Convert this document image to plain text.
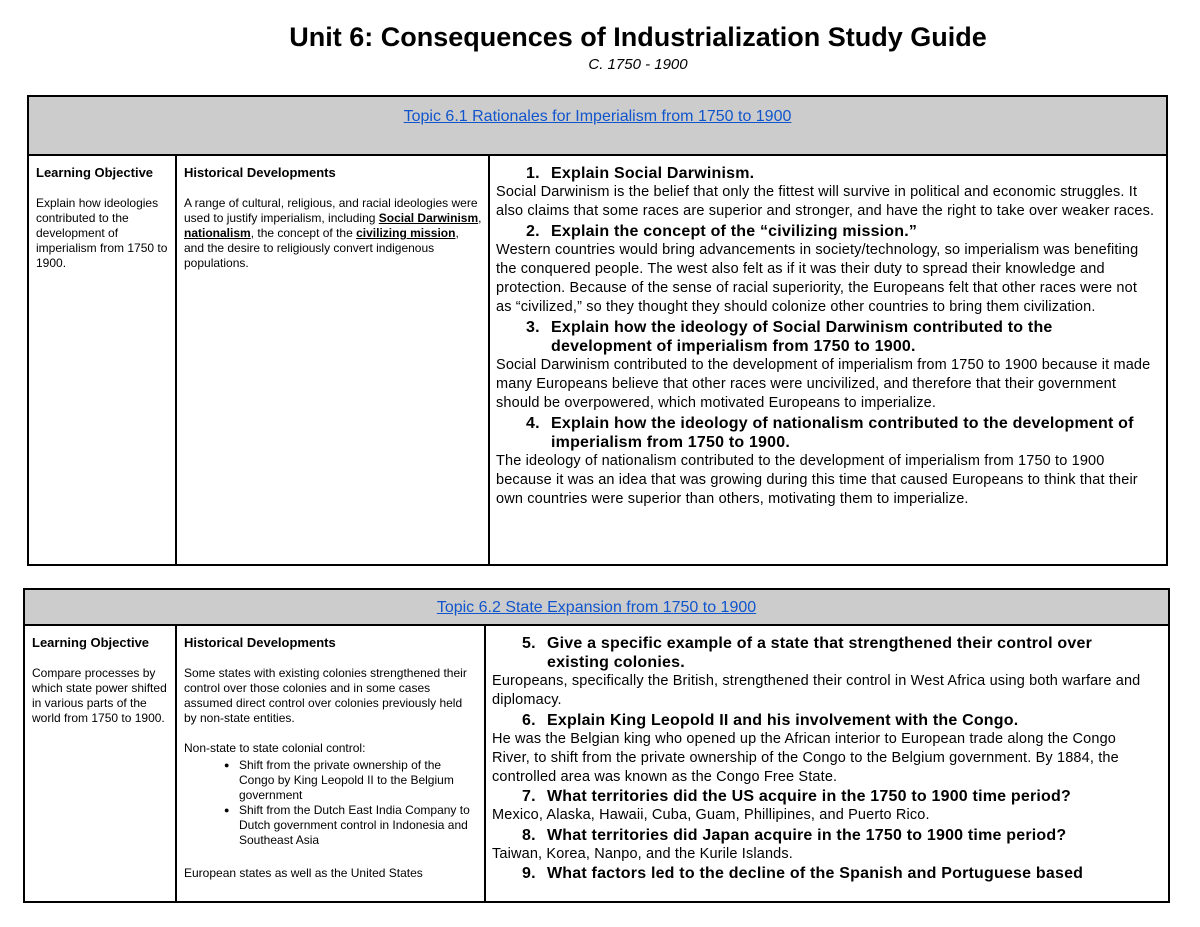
Unit 6: Consequences of Industrialization Study Guide
C. 1750 - 1900
Topic 6.1 Rationales for Imperialism from 1750 to 1900
Learning Objective
Explain how ideologies contributed to the development of imperialism from 1750 to 1900.
Historical Developments
A range of cultural, religious, and racial ideologies were used to justify imperialism, including Social Darwinism, nationalism, the concept of the civilizing mission, and the desire to religiously convert indigenous populations.
1. Explain Social Darwinism.
Social Darwinism is the belief that only the fittest will survive in political and economic struggles. It also claims that some races are superior and stronger, and have the right to take over weaker races.
2. Explain the concept of the “civilizing mission.”
Western countries would bring advancements in society/technology, so imperialism was benefiting the conquered people. The west also felt as if it was their duty to spread their knowledge and protection. Because of the sense of racial superiority, the Europeans felt that other races were not as “civilized,” so they thought they should colonize other countries to bring them civilization.
3. Explain how the ideology of Social Darwinism contributed to the development of imperialism from 1750 to 1900.
Social Darwinism contributed to the development of imperialism from 1750 to 1900 because it made many Europeans believe that other races were uncivilized, and therefore that their government should be overpowered, which motivated Europeans to imperialize.
4. Explain how the ideology of nationalism contributed to the development of imperialism from 1750 to 1900.
The ideology of nationalism contributed to the development of imperialism from 1750 to 1900 because it was an idea that was growing during this time that caused Europeans to think that their own countries were superior than others, motivating them to imperialize.
Topic 6.2 State Expansion from 1750 to 1900
Learning Objective
Compare processes by which state power shifted in various parts of the world from 1750 to 1900.
Historical Developments
Some states with existing colonies strengthened their control over those colonies and in some cases assumed direct control over colonies previously held by non-state entities.
Non-state to state colonial control:
● Shift from the private ownership of the Congo by King Leopold II to the Belgium government
● Shift from the Dutch East India Company to Dutch government control in Indonesia and Southeast Asia
European states as well as the United States
5. Give a specific example of a state that strengthened their control over existing colonies.
Europeans, specifically the British, strengthened their control in West Africa using both warfare and diplomacy.
6. Explain King Leopold II and his involvement with the Congo.
He was the Belgian king who opened up the African interior to European trade along the Congo River, to shift from the private ownership of the Congo to the Belgium government. By 1884, the controlled area was known as the Congo Free State.
7. What territories did the US acquire in the 1750 to 1900 time period?
Mexico, Alaska, Hawaii, Cuba, Guam, Phillipines, and Puerto Rico.
8. What territories did Japan acquire in the 1750 to 1900 time period?
Taiwan, Korea, Nanpo, and the Kurile Islands.
9. What factors led to the decline of the Spanish and Portuguese based
